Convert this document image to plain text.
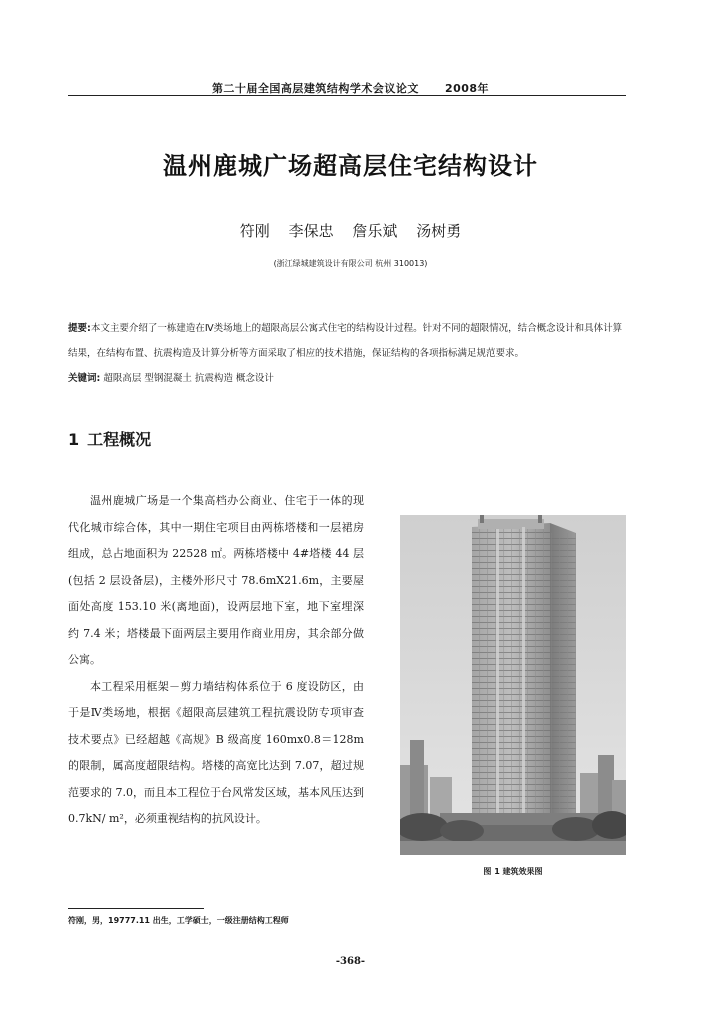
第二十届全国高层建筑结构学术会议论文 2008年
温州鹿城广场超高层住宅结构设计
符刚 李保忠 詹乐斌 汤树勇
(浙江绿城建筑设计有限公司 杭州 310013)
提要:本文主要介绍了一栋建造在Ⅳ类场地上的超限高层公寓式住宅的结构设计过程。针对不同的超限情况，结合概念设计和具体计算结果，在结构布置、抗震构造及计算分析等方面采取了相应的技术措施，保证结构的各项指标满足规范要求。
关键词: 超限高层 型钢混凝土 抗震构造 概念设计
1 工程概况

温州鹿城广场是一个集高档办公商业、住宅于一体的现代化城市综合体，其中一期住宅项目由两栋塔楼和一层裙房组成，总占地面积为 22528 ㎡。两栋塔楼中 4#塔楼 44 层(包括 2 层设备层)，主楼外形尺寸 78.6mX21.6m，主要屋面处高度 153.10 米(离地面)，设两层地下室，地下室埋深约 7.4 米；塔楼最下面两层主要用作商业用房，其余部分做公寓。

本工程采用框架－剪力墙结构体系位于 6 度设防区，由于是Ⅳ类场地，根据《超限高层建筑工程抗震设防专项审查技术要点》已经超越《高规》B 级高度 160mx0.8＝128m 的限制，属高度超限结构。塔楼的高宽比达到 7.07，超过规范要求的 7.0，而且本工程位于台风常发区域，基本风压达到 0.7kN/ m²，必须重视结构的抗风设计。

图 1 建筑效果图
符刚，男，19777.11 出生，工学硕士，一级注册结构工程师
-368-
